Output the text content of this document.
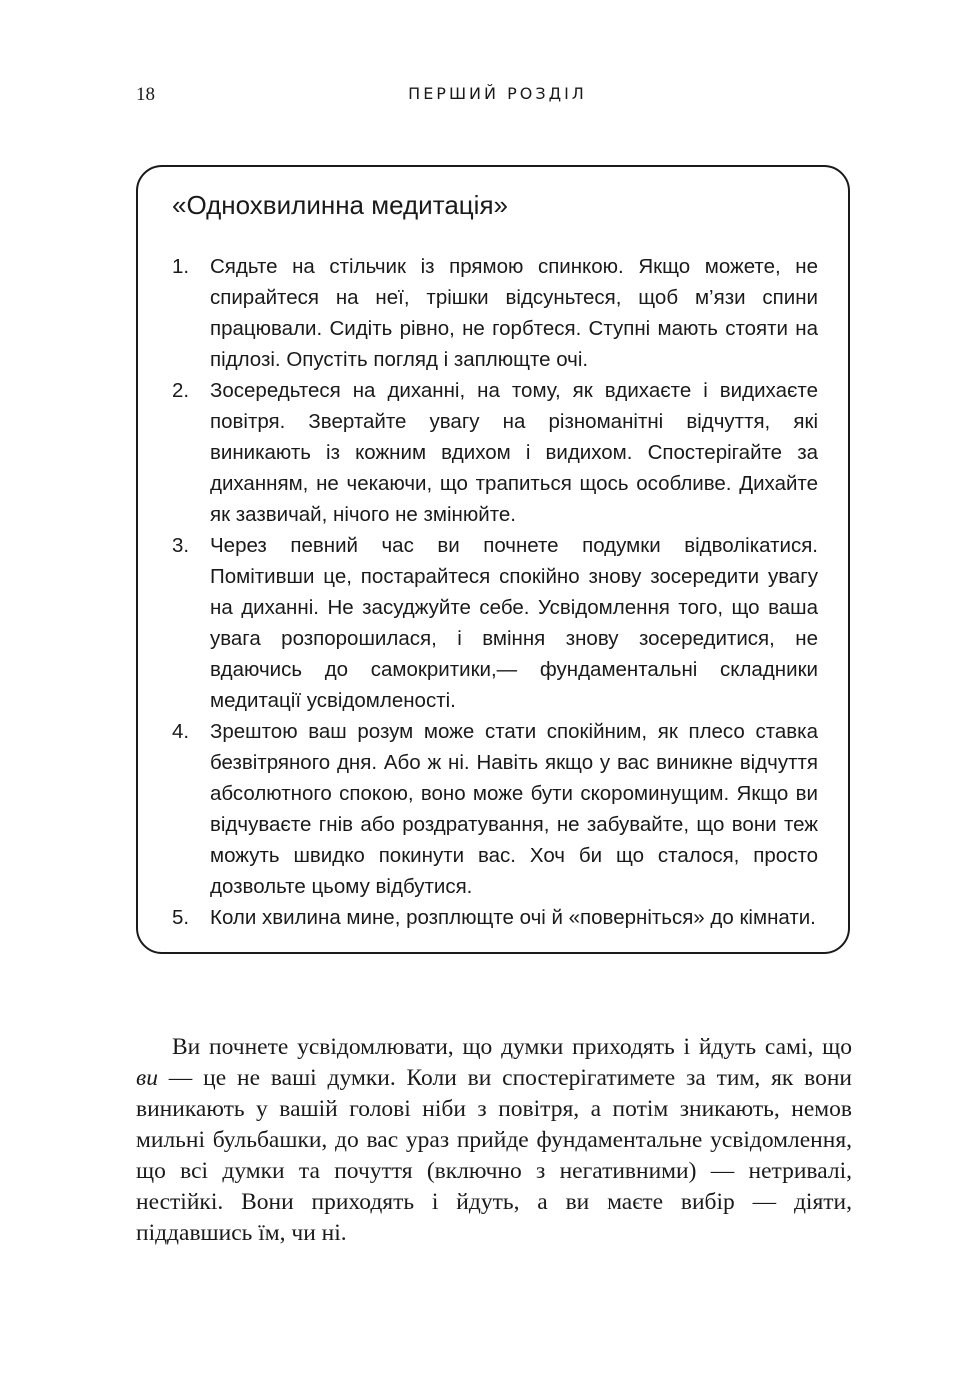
18	ПЕРШИЙ РОЗДІЛ
«Однохвилинна медитація»
1.	Сядьте на стільчик із прямою спинкою. Якщо можете, не спирайтеся на неї, трішки відсуньтеся, щоб м’язи спини працювали. Сидіть рівно, не горбтеся. Ступні мають стояти на підлозі. Опустіть погляд і заплющте очі.
2.	Зосередьтеся на диханні, на тому, як вдихаєте і видихаєте повітря. Звертайте увагу на різноманітні відчуття, які виникають із кожним вдихом і видихом. Спостерігайте за диханням, не чекаючи, що трапиться щось особливе. Дихайте як зазвичай, нічого не змінюйте.
3.	Через певний час ви почнете подумки відволікатися. Помітивши це, постарайтеся спокійно знову зосередити увагу на диханні. Не засуджуйте себе. Усвідомлення того, що ваша увага розпорошилася, і вміння знову зосередитися, не вдаючись до самокритики,— фундаментальні складники медитації усвідомленості.
4.	Зрештою ваш розум може стати спокійним, як плесо ставка безвітряного дня. Або ж ні. Навіть якщо у вас виникне відчуття абсолютного спокою, воно може бути скороминущим. Якщо ви відчуваєте гнів або роздратування, не забувайте, що вони теж можуть швидко покинути вас. Хоч би що сталося, просто дозвольте цьому відбутися.
5.	Коли хвилина мине, розплющте очі й «поверніться» до кімнати.

Ви почнете усвідомлювати, що думки приходять і йдуть самі, що ви — це не ваші думки. Коли ви спостерігатимете за тим, як вони виникають у вашій голові ніби з повітря, а потім зникають, немов мильні бульбашки, до вас ураз прийде фундаментальне усвідомлення, що всі думки та почуття (включно з негативними) — нетривалі, нестійкі. Вони приходять і йдуть, а ви маєте вибір — діяти, піддавшись їм, чи ні.
